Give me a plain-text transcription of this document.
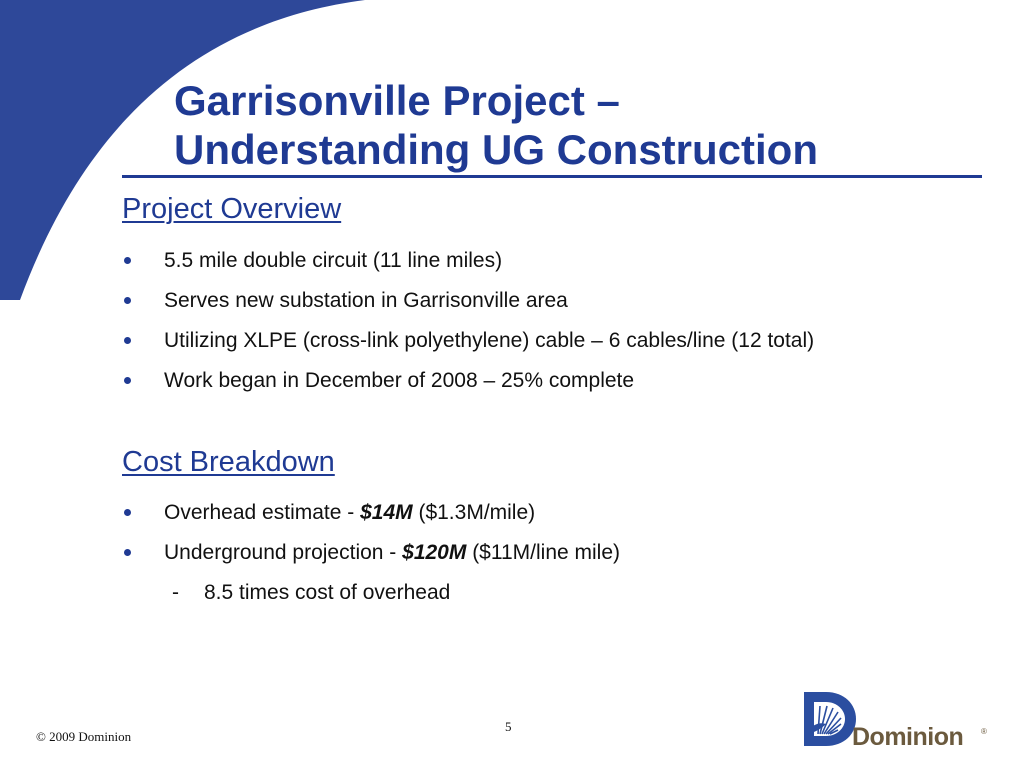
Garrisonville Project –
Understanding UG Construction
Project Overview
5.5 mile double circuit (11 line miles)
Serves new substation in Garrisonville area
Utilizing XLPE (cross-link polyethylene) cable – 6 cables/line (12 total)
Work began in December of 2008 – 25% complete
Cost Breakdown
Overhead estimate - $14M ($1.3M/mile)
Underground projection - $120M ($11M/line mile)
- 8.5 times cost of overhead
5
© 2009 Dominion	Dominion ®
